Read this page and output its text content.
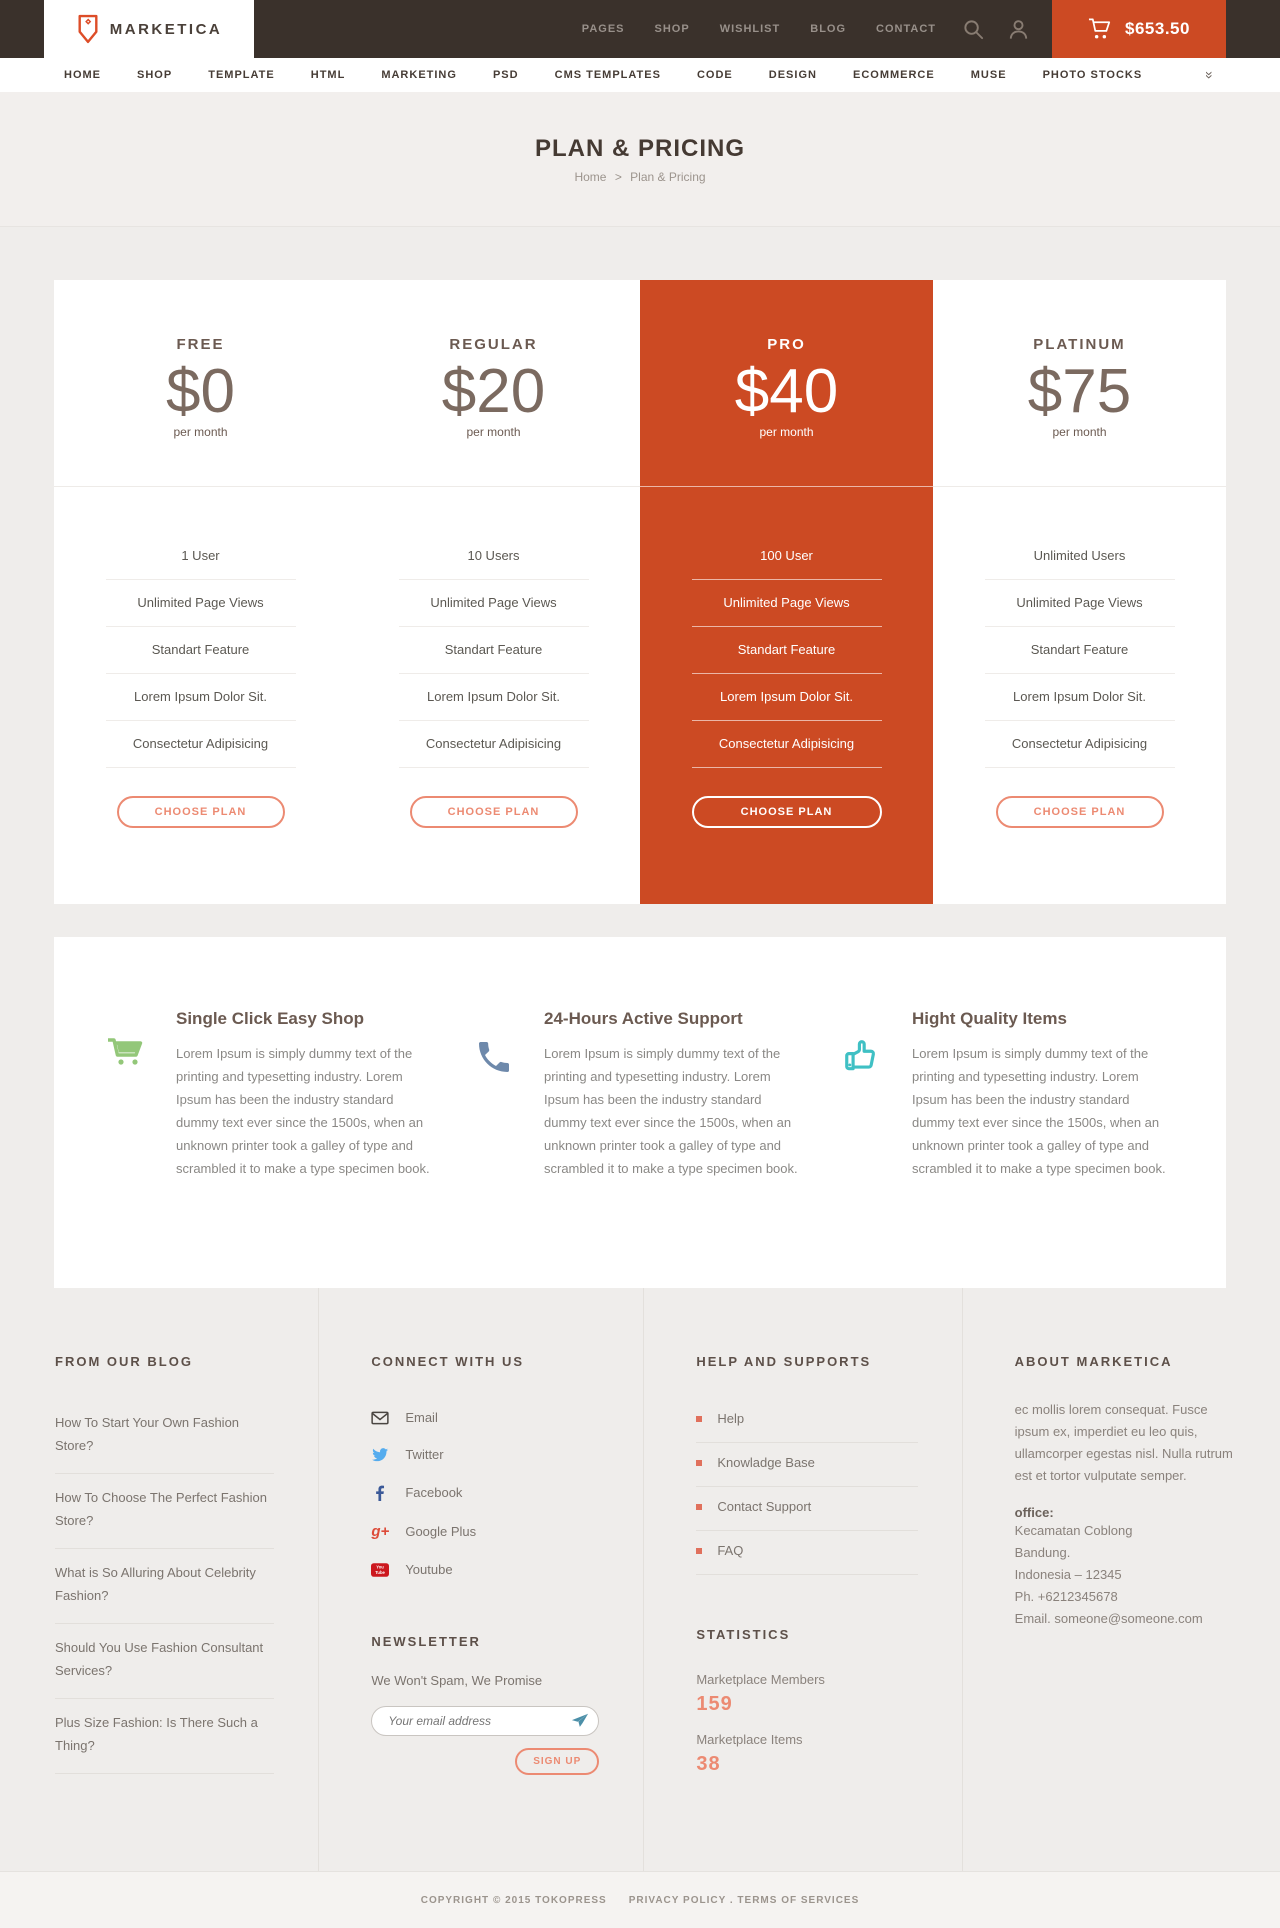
MARKETICA	PAGES	SHOP	WISHLIST	BLOG	CONTACT	$653.50
HOME	SHOP	TEMPLATE	HTML	MARKETING	PSD	CMS TEMPLATES	CODE	DESIGN	ECOMMERCE	MUSE	PHOTO STOCKS	»
PLAN & PRICING
Home > Plan & Pricing
FREE
$0
per month
1 User
Unlimited Page Views
Standart Feature
Lorem Ipsum Dolor Sit.
Consectetur Adipisicing
CHOOSE PLAN
REGULAR
$20
per month
10 Users
Unlimited Page Views
Standart Feature
Lorem Ipsum Dolor Sit.
Consectetur Adipisicing
CHOOSE PLAN
PRO
$40
per month
100 User
Unlimited Page Views
Standart Feature
Lorem Ipsum Dolor Sit.
Consectetur Adipisicing
CHOOSE PLAN
PLATINUM
$75
per month
Unlimited Users
Unlimited Page Views
Standart Feature
Lorem Ipsum Dolor Sit.
Consectetur Adipisicing
CHOOSE PLAN
Single Click Easy Shop

Lorem Ipsum is simply dummy text of the printing and typesetting industry. Lorem Ipsum has been the industry standard dummy text ever since the 1500s, when an unknown printer took a galley of type and scrambled it to make a type specimen book.

24-Hours Active Support

Lorem Ipsum is simply dummy text of the printing and typesetting industry. Lorem Ipsum has been the industry standard dummy text ever since the 1500s, when an unknown printer took a galley of type and scrambled it to make a type specimen book.

Hight Quality Items

Lorem Ipsum is simply dummy text of the printing and typesetting industry. Lorem Ipsum has been the industry standard dummy text ever since the 1500s, when an unknown printer took a galley of type and scrambled it to make a type specimen book.

FROM OUR BLOG
How To Start Your Own Fashion Store?
How To Choose The Perfect Fashion Store?
What is So Alluring About Celebrity Fashion?
Should You Use Fashion Consultant Services?
Plus Size Fashion: Is There Such a Thing?
CONNECT WITH US
Email
Twitter
Facebook
g+ Google Plus
You
Tube Youtube
NEWSLETTER
We Won't Spam, We Promise
Your email address
SIGN UP
HELP AND SUPPORTS
Help
Knowladge Base
Contact Support
FAQ
STATISTICS
Marketplace Members
159
Marketplace Items
38
ABOUT MARKETICA

ec mollis lorem consequat. Fusce ipsum ex, imperdiet eu leo quis, ullamcorper egestas nisl. Nulla rutrum est et tortor vulputate semper.

office:
Kecamatan Coblong
Bandung.
Indonesia – 12345
Ph. +6212345678
Email. someone@someone.com
COPYRIGHT © 2015 TOKOPRESS PRIVACY POLICY . TERMS OF SERVICES
